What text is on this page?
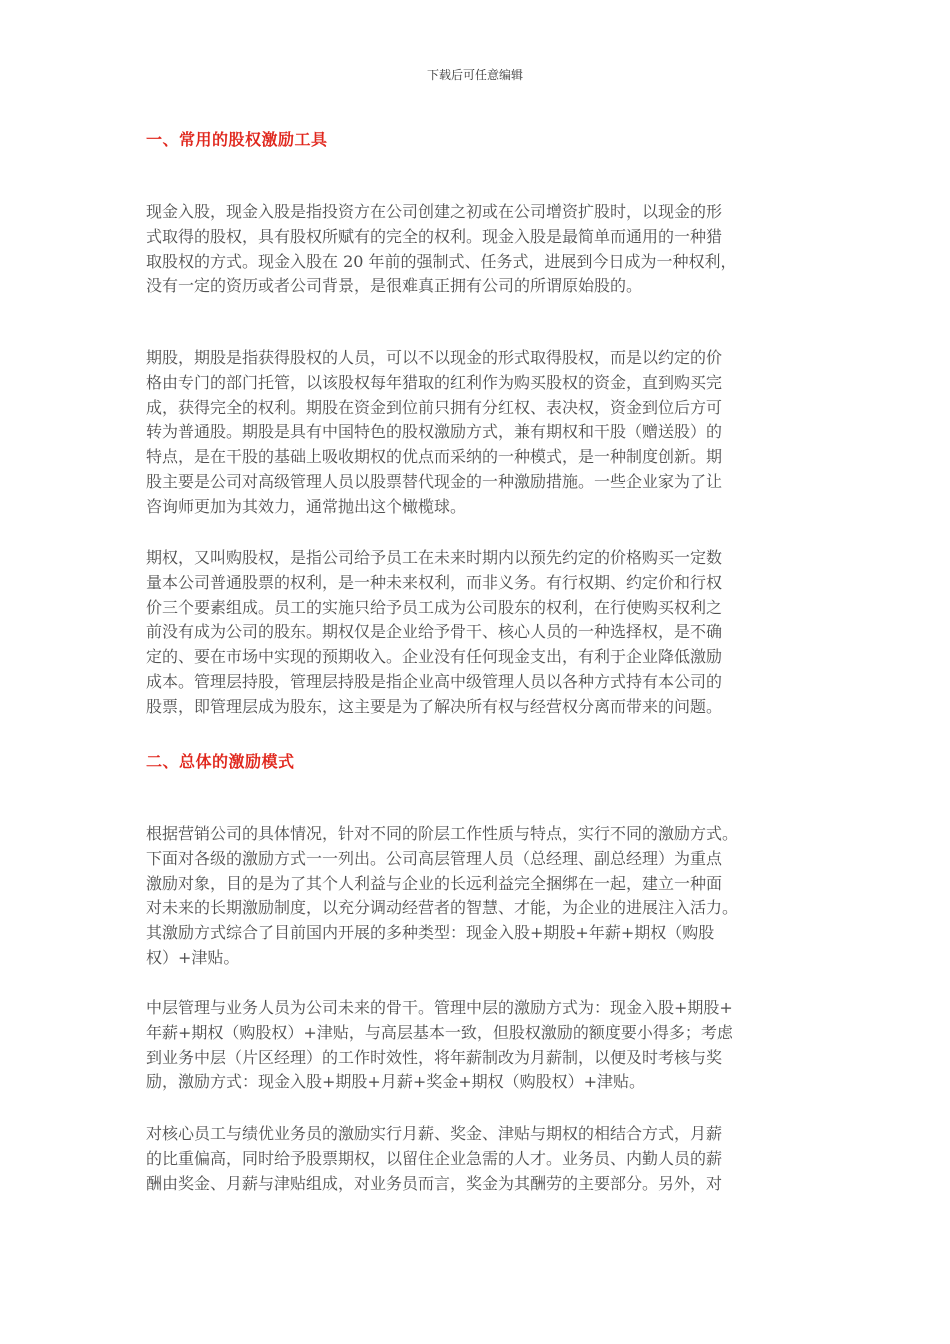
下载后可任意编辑
一、常用的股权激励工具

现金入股，现金入股是指投资方在公司创建之初或在公司增资扩股时，以现金的形
式取得的股权，具有股权所赋有的完全的权利。现金入股是最简单而通用的一种猎
取股权的方式。现金入股在 20 年前的强制式、任务式，进展到今日成为一种权利，
没有一定的资历或者公司背景，是很难真正拥有公司的所谓原始股的。

期股，期股是指获得股权的人员，可以不以现金的形式取得股权，而是以约定的价
格由专门的部门托管，以该股权每年猎取的红利作为购买股权的资金，直到购买完
成，获得完全的权利。期股在资金到位前只拥有分红权、表决权，资金到位后方可
转为普通股。期股是具有中国特色的股权激励方式，兼有期权和干股（赠送股）的
特点，是在干股的基础上吸收期权的优点而采纳的一种模式，是一种制度创新。期
股主要是公司对高级管理人员以股票替代现金的一种激励措施。一些企业家为了让
咨询师更加为其效力，通常抛出这个橄榄球。

期权，又叫购股权，是指公司给予员工在未来时期内以预先约定的价格购买一定数
量本公司普通股票的权利，是一种未来权利，而非义务。有行权期、约定价和行权
价三个要素组成。员工的实施只给予员工成为公司股东的权利，在行使购买权利之
前没有成为公司的股东。期权仅是企业给予骨干、核心人员的一种选择权，是不确
定的、要在市场中实现的预期收入。企业没有任何现金支出，有利于企业降低激励
成本。管理层持股，管理层持股是指企业高中级管理人员以各种方式持有本公司的
股票，即管理层成为股东，这主要是为了解决所有权与经营权分离而带来的问题。

二、总体的激励模式

根据营销公司的具体情况，针对不同的阶层工作性质与特点，实行不同的激励方式。
下面对各级的激励方式一一列出。公司高层管理人员（总经理、副总经理）为重点
激励对象，目的是为了其个人利益与企业的长远利益完全捆绑在一起，建立一种面
对未来的长期激励制度，以充分调动经营者的智慧、才能，为企业的进展注入活力。
其激励方式综合了目前国内开展的多种类型：现金入股+期股+年薪+期权（购股
权）+津贴。

中层管理与业务人员为公司未来的骨干。管理中层的激励方式为：现金入股+期股+
年薪+期权（购股权）+津贴，与高层基本一致，但股权激励的额度要小得多；考虑
到业务中层（片区经理）的工作时效性，将年薪制改为月薪制，以便及时考核与奖
励，激励方式：现金入股+期股+月薪+奖金+期权（购股权）+津贴。

对核心员工与绩优业务员的激励实行月薪、奖金、津贴与期权的相结合方式，月薪
的比重偏高，同时给予股票期权，以留住企业急需的人才。业务员、内勤人员的薪
酬由奖金、月薪与津贴组成，对业务员而言，奖金为其酬劳的主要部分。另外，对
